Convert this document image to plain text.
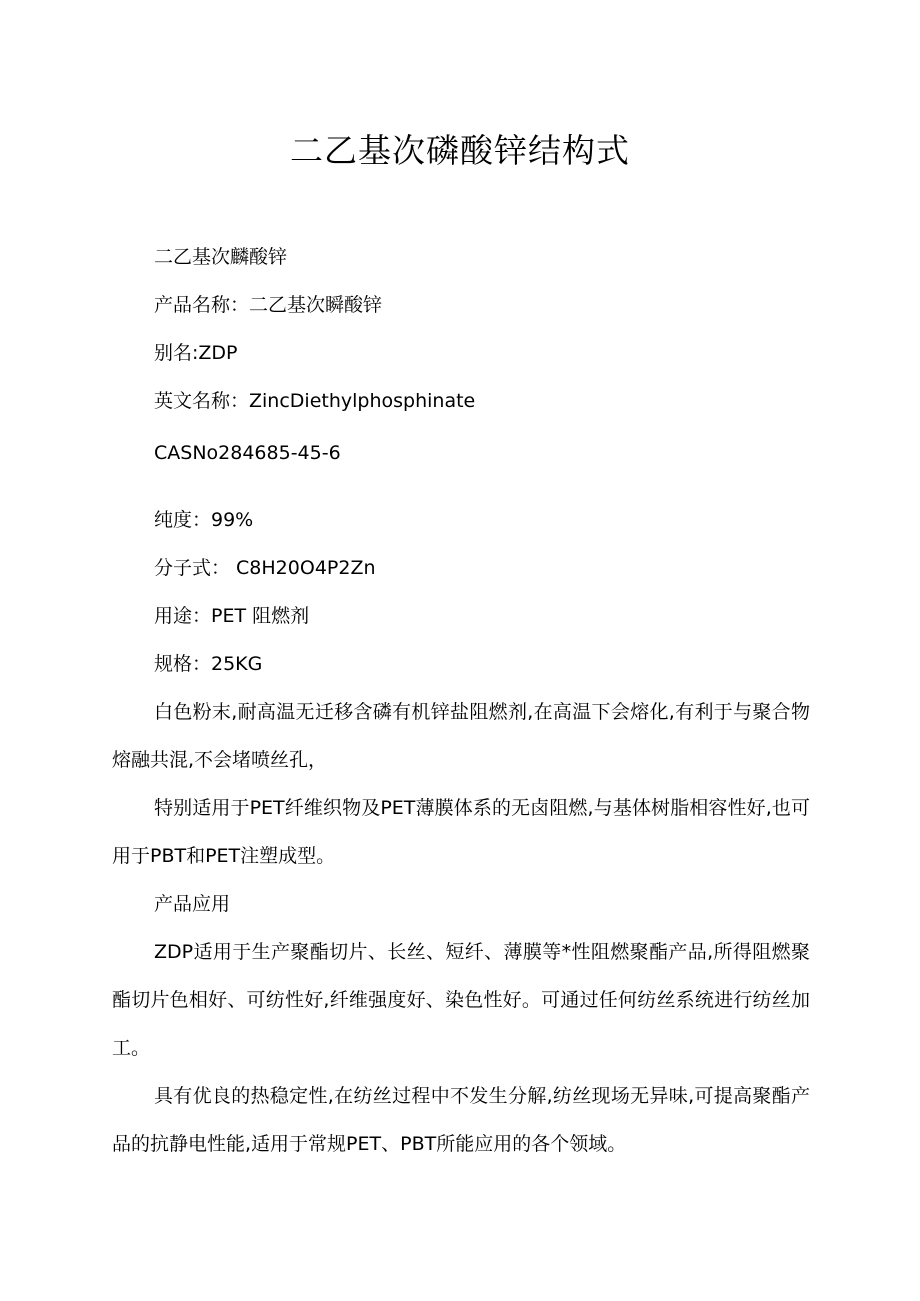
二乙基次磷酸锌结构式

二乙基次麟酸锌

产品名称：二乙基次瞬酸锌

别名:ZDP

英文名称：ZincDiethylphosphinate

CASNo284685-45-6

纯度：99%

分子式： C8H20O4P2Zn

用途：PET 阻燃剂

规格：25KG

白色粉末,耐高温无迁移含磷有机锌盐阻燃剂,在高温下会熔化,有利于与聚合物熔融共混,不会堵喷丝孔，

特别适用于PET纤维织物及PET薄膜体系的无卤阻燃,与基体树脂相容性好,也可用于PBT和PET注塑成型。

产品应用

ZDP适用于生产聚酯切片、长丝、短纤、薄膜等*性阻燃聚酯产品,所得阻燃聚酯切片色相好、可纺性好,纤维强度好、染色性好。可通过任何纺丝系统进行纺丝加工。

具有优良的热稳定性,在纺丝过程中不发生分解,纺丝现场无异味,可提高聚酯产品的抗静电性能,适用于常规PET、PBT所能应用的各个领域。
